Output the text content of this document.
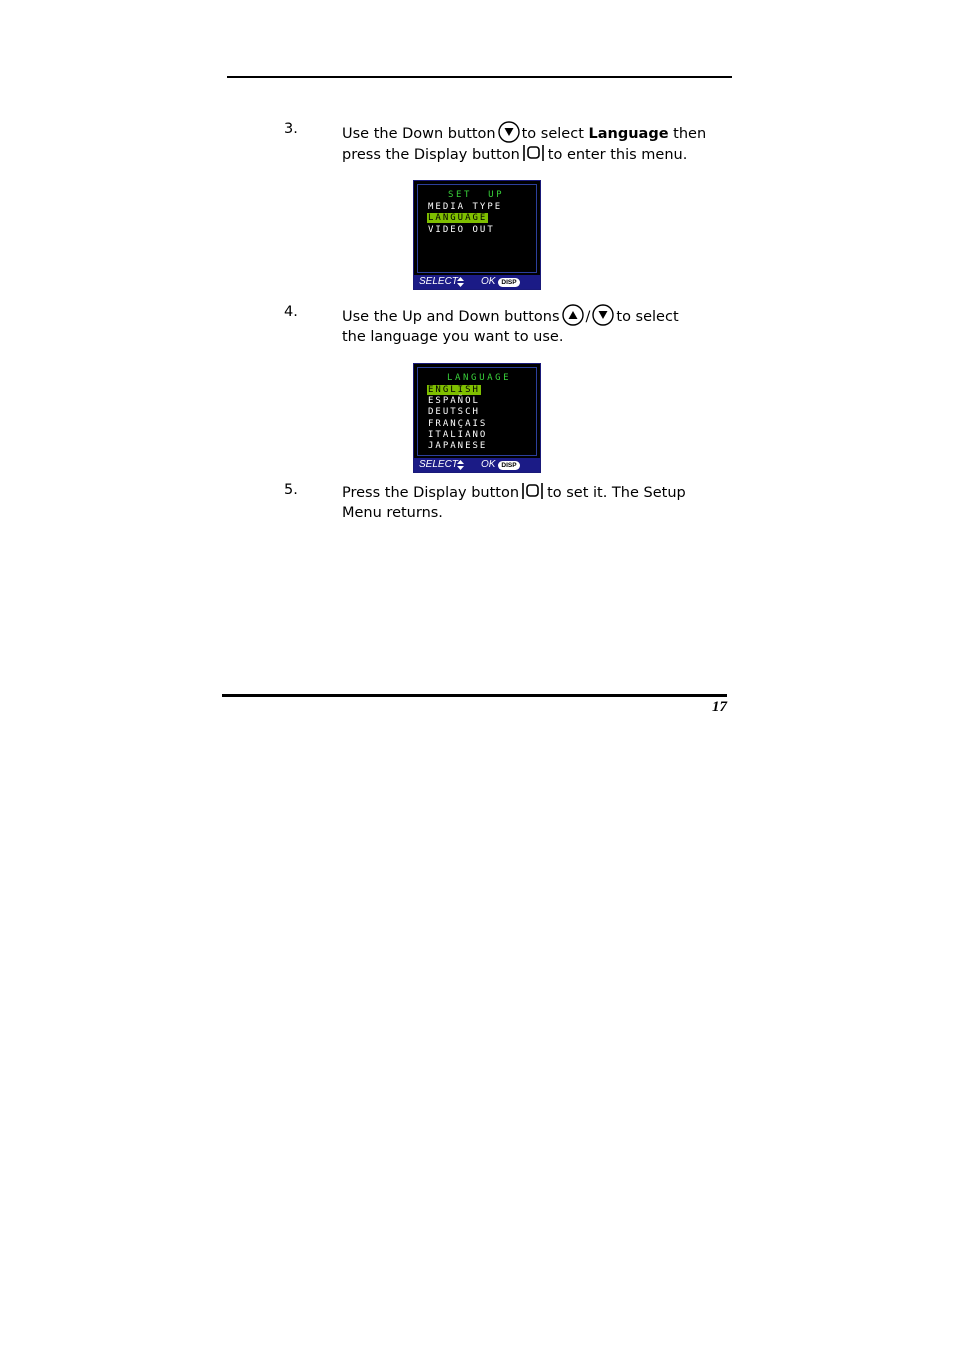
3.	Use the Down button to select Language then
press the Display button to enter this menu.
SET UP
MEDIA TYPE
LANGUAGE
VIDEO OUT
SELECT OK DISP
4.	Use the Up and Down buttons / to select
the language you want to use.
LANGUAGE
ENGLISH
ESPAÑOL
DEUTSCH
FRANÇAIS
ITALIANO
JAPANESE
SELECT OK DISP
5.	Press the Display button to set it. The Setup
Menu returns.
17
